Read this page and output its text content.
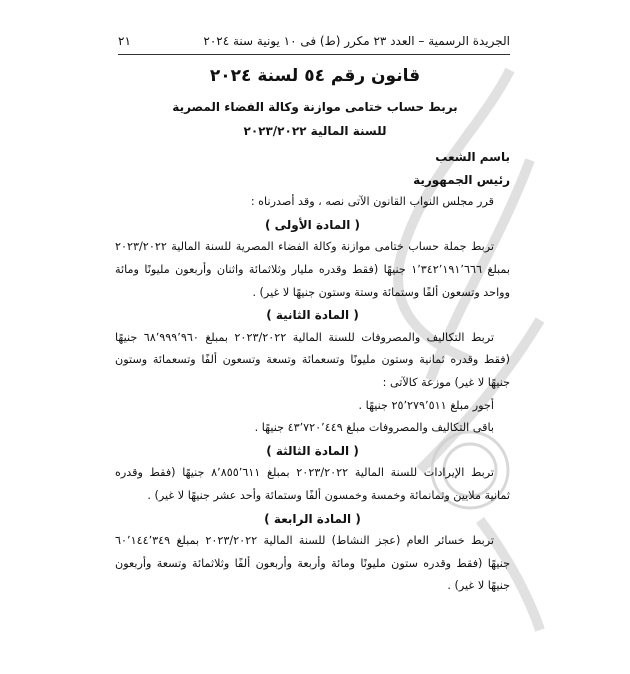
الجريدة الرسمية – العدد ٢٣ مكرر (ط) فى ١٠ يونية سنة ٢٠٢٤
٢١
قانون رقم ٥٤ لسنة ٢٠٢٤
بربط حساب ختامى موازنة وكالة الفضاء المصرية
للسنة المالية ٢٠٢٣/٢٠٢٢

باسم الشعب

رئيس الجمهورية

قرر مجلس النواب القانون الآتى نصه ، وقد أصدرناه :

( المادة الأولى )

تربط جملة حساب ختامى موازنة وكالة الفضاء المصرية للسنة المالية ٢٠٢٣/٢٠٢٢ بمبلغ ١٬٣٤٢٬١٩١٬٦٦٦ جنيهًا (فقط وقدره مليار وثلاثمائة واثنان وأربعون مليونًا ومائة وواحد وتسعون ألفًا وستمائة وستة وستون جنيهًا لا غير) .

( المادة الثانية )

تربط التكاليف والمصروفات للسنة المالية ٢٠٢٣/٢٠٢٢ بمبلغ ٦٨٬٩٩٩٬٩٦٠ جنيهًا (فقط وقدره ثمانية وستون مليونًا وتسعمائة وتسعة وتسعون ألفًا وتسعمائة وستون جنيهًا لا غير) موزعة كالآتى :

أجور مبلغ ٢٥٬٢٧٩٬٥١١ جنيهًا .

باقى التكاليف والمصروفات مبلغ ٤٣٬٧٢٠٬٤٤٩ جنيهًا .

( المادة الثالثة )

تربط الإيرادات للسنة المالية ٢٠٢٣/٢٠٢٢ بمبلغ ٨٬٨٥٥٬٦١١ جنيهًا (فقط وقدره ثمانية ملايين وثمانمائة وخمسة وخمسون ألفًا وستمائة وأحد عشر جنيهًا لا غير) .

( المادة الرابعة )

تربط خسائر العام (عجز النشاط) للسنة المالية ٢٠٢٣/٢٠٢٢ بمبلغ ٦٠٬١٤٤٬٣٤٩ جنيهًا (فقط وقدره ستون مليونًا ومائة وأربعة وأربعون ألفًا وثلاثمائة وتسعة وأربعون جنيهًا لا غير) .
